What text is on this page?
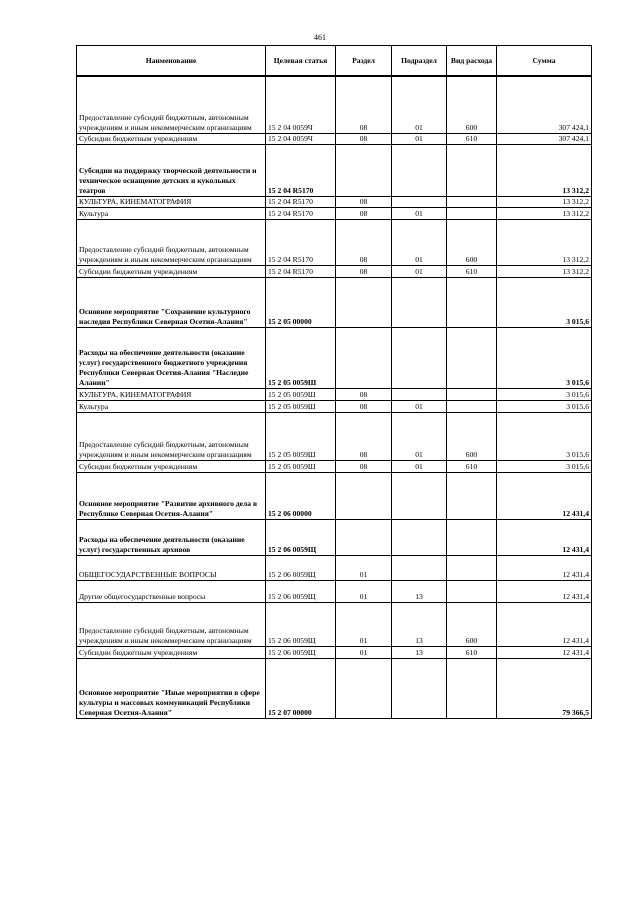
461
Наименование	Целевая статья	Раздел	Подраздел	Вид расхода	Сумма
Предоставление субсидий бюджетным, автономным учреждениям и иным некоммерческим организациям	15 2 04 0059Ч	08	01	600	307 424,1
Субсидии бюджетным учреждениям	15 2 04 0059Ч	08	01	610	307 424,1
Субсидии на поддержку творческой деятельности и техническое оснащение детских и кукольных театров	15 2 04 R5170				13 312,2
КУЛЬТУРА, КИНЕМАТОГРАФИЯ	15 2 04 R5170	08			13 312,2
Культура	15 2 04 R5170	08	01		13 312,2
Предоставление субсидий бюджетным, автономным учреждениям и иным некоммерческим организациям	15 2 04 R5170	08	01	600	13 312,2
Субсидии бюджетным учреждениям	15 2 04 R5170	08	01	610	13 312,2
Основное мероприятие "Сохранение культурного наследия Республики Северная Осетия-Алания"	15 2 05 00000				3 015,6
Расходы на обеспечение деятельности (оказание услуг) государственного бюджетного учреждения Республики Северная Осетия-Алания "Наследие Алании"	15 2 05 0059Ш				3 015,6
КУЛЬТУРА, КИНЕМАТОГРАФИЯ	15 2 05 0059Ш	08			3 015,6
Культура	15 2 05 0059Ш	08	01		3 015,6
Предоставление субсидий бюджетным, автономным учреждениям и иным некоммерческим организациям	15 2 05 0059Ш	08	01	600	3 015,6
Субсидии бюджетным учреждениям	15 2 05 0059Ш	08	01	610	3 015,6
Основное мероприятие "Развитие архивного дела в Республике Северная Осетия-Алания"	15 2 06 00000				12 431,4
Расходы на обеспечение деятельности (оказание услуг) государственных архивов	15 2 06 0059Щ				12 431,4
ОБЩЕГОСУДАРСТВЕННЫЕ ВОПРОСЫ	15 2 06 0059Щ	01			12 431,4
Другие общегосударственные вопросы	15 2 06 0059Щ	01	13		12 431,4
Предоставление субсидий бюджетным, автономным учреждениям и иным некоммерческим организациям	15 2 06 0059Щ	01	13	600	12 431,4
Субсидии бюджетным учреждениям	15 2 06 0059Щ	01	13	610	12 431,4
Основное мероприятие "Иные мероприятия в сфере культуры и массовых коммуникаций Республики Северная Осетия-Алания"	15 2 07 00000				79 366,5
